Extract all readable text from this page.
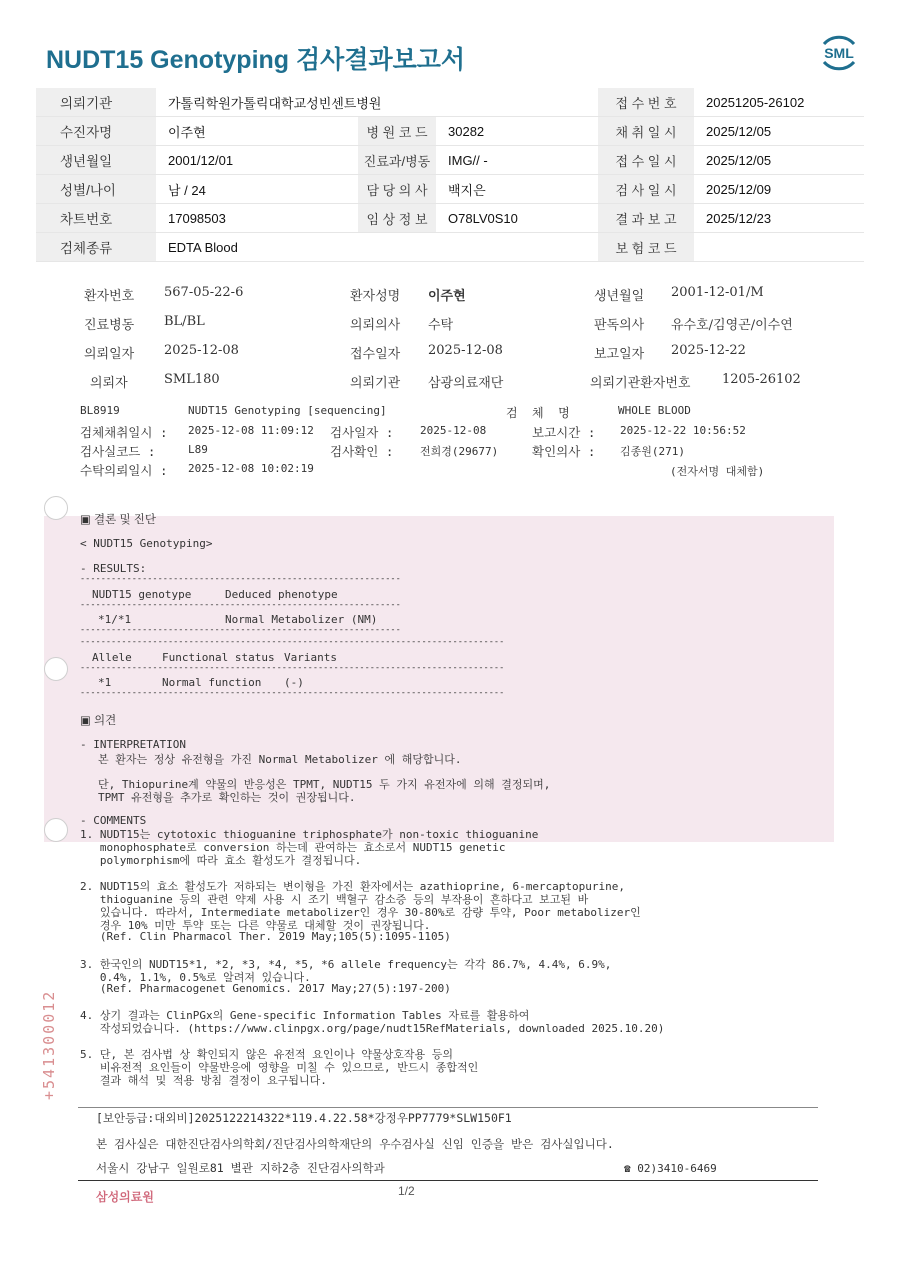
NUDT15 Genotyping 검사결과보고서	SML
의뢰기관	가톨릭학원가톨릭대학교성빈센트병원			접 수 번 호	20251205-26102
수진자명	이주현	병 원 코 드	30282	채 취 일 시	2025/12/05
생년월일	2001/12/01	진료과/병동	IMG// -	접 수 일 시	2025/12/05
성별/나이	남 / 24	담 당 의 사	백지은	검 사 일 시	2025/12/09
차트번호	17098503	임 상 정 보	O78LV0S10	결 과 보 고	2025/12/23
검체종류	EDTA Blood			보 험 코 드	
환자번호 567-05-22-6	환자성명 이주현	생년월일 2001-12-01/M
진료병동 BL/BL	의뢰의사 수탁	판독의사 유수호/김영곤/이수연
의뢰일자 2025-12-08	접수일자 2025-12-08	보고일자 2025-12-22
의뢰자	SML180	의뢰기관 삼광의료재단	의뢰기관환자번호 1205-26102
BL8919	NUDT15 Genotyping [sequencing]	검  체  명	WHOLE BLOOD
검체채취일시 : 2025-12-08 11:09:12 검사일자 : 2025-12-08	보고시간 : 2025-12-22 10:56:52
검사실코드 :	L89	검사확인 : 전희경(29677)	확인의사 : 김종원(271)
수탁의뢰일시 : 2025-12-08 10:02:19	(전자서명 대체함)
▣ 결론 및 진단
< NUDT15 Genotyping>
- RESULTS:
--------------------------------------------------------------
NUDT15 genotype	Deduced phenotype
--------------------------------------------------------------
*1/*1	Normal Metabolizer (NM)
--------------------------------------------------------------
----------------------------------------------------------------------------------
Allele	Functional status Variants
----------------------------------------------------------------------------------
*1	Normal function (-)
----------------------------------------------------------------------------------
▣ 의견
- INTERPRETATION
본 환자는 정상 유전형을 가진 Normal Metabolizer 에 해당합니다.
단, Thiopurine계 약물의 반응성은 TPMT, NUDT15 두 가지 유전자에 의해 결정되며,
TPMT 유전형을 추가로 확인하는 것이 권장됩니다.
- COMMENTS
1. NUDT15는 cytotoxic thioguanine triphosphate가 non-toxic thioguanine
monophosphate로 conversion 하는데 관여하는 효소로서 NUDT15 genetic
polymorphism에 따라 효소 활성도가 결정됩니다.
2. NUDT15의 효소 활성도가 저하되는 변이형을 가진 환자에서는 azathioprine, 6-mercaptopurine,
thioguanine 등의 관련 약제 사용 시 조기 백혈구 감소증 등의 부작용이 흔하다고 보고된 바
있습니다. 따라서, Intermediate metabolizer인 경우 30-80%로 감량 투약, Poor metabolizer인
경우 10% 미만 투약 또는 다른 약물로 대체할 것이 권장됩니다.
(Ref. Clin Pharmacol Ther. 2019 May;105(5):1095-1105)
3. 한국인의 NUDT15*1, *2, *3, *4, *5, *6 allele frequency는 각각 86.7%, 4.4%, 6.9%,
0.4%, 1.1%, 0.5%로 알려져 있습니다.
(Ref. Pharmacogenet Genomics. 2017 May;27(5):197-200)
4. 상기 결과는 ClinPGx의 Gene-specific Information Tables 자료를 활용하여
작성되었습니다. (https://www.clinpgx.org/page/nudt15RefMaterials, downloaded 2025.10.20)
5. 단, 본 검사법 상 확인되지 않은 유전적 요인이나 약물상호작용 등의
비유전적 요인들이 약물반응에 영향을 미칠 수 있으므로, 반드시 종합적인
결과 해석 및 적용 방침 결정이 요구됩니다.
+541300012
[보안등급:대외비]2025122214322*119.4.22.58*강정우PP7779*SLW150F1
본 검사실은 대한진단검사의학회/진단검사의학재단의 우수검사실 신임 인증을 받은 검사실입니다.
서울시 강남구 일원로81 별관 지하2층 진단검사의학과	☎ 02)3410-6469
삼성의료원	1/2
